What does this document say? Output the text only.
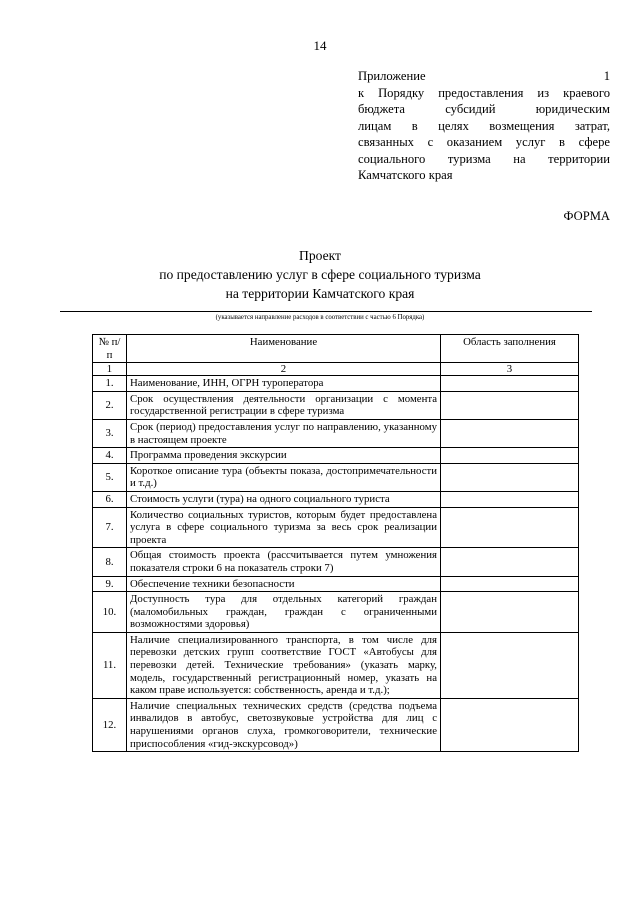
14
Приложение 1
к Порядку предоставления из краевого
бюджета субсидий юридическим
лицам в целях возмещения затрат,
связанных с оказанием услуг в сфере
социального туризма на территории
Камчатского края
ФОРМА
Проект
по предоставлению услуг в сфере социального туризма
на территории Камчатского края
(указывается направление расходов в соответствии с частью 6 Порядка)
№ п/п	Наименование	Область заполнения
1	2	3
1.	Наименование, ИНН, ОГРН туроператора	
2.	Срок осуществления деятельности организации с момента государственной регистрации в сфере туризма	
3.	Срок (период) предоставления услуг по направлению, указанному в настоящем проекте	
4.	Программа проведения экскурсии	
5.	Короткое описание тура (объекты показа, достопримечательности и т.д.)	
6.	Стоимость услуги (тура) на одного социального туриста	
7.	Количество социальных туристов, которым будет предоставлена услуга в сфере социального туризма за весь срок реализации проекта	
8.	Общая стоимость проекта (рассчитывается путем умножения показателя строки 6 на показатель строки 7)	
9.	Обеспечение техники безопасности	
10.	Доступность тура для отдельных категорий граждан (маломобильных граждан, граждан с ограниченными возможностями здоровья)	
11.	Наличие специализированного транспорта, в том числе для перевозки детских групп соответствие ГОСТ «Автобусы для перевозки детей. Технические требования» (указать марку, модель, государственный регистрационный номер, указать на каком праве используется: собственность, аренда и т.д.);	
12.	Наличие специальных технических средств (средства подъема инвалидов в автобус, светозвуковые устройства для лиц с нарушениями органов слуха, громкоговорители, технические приспособления «гид-экскурсовод»)	
